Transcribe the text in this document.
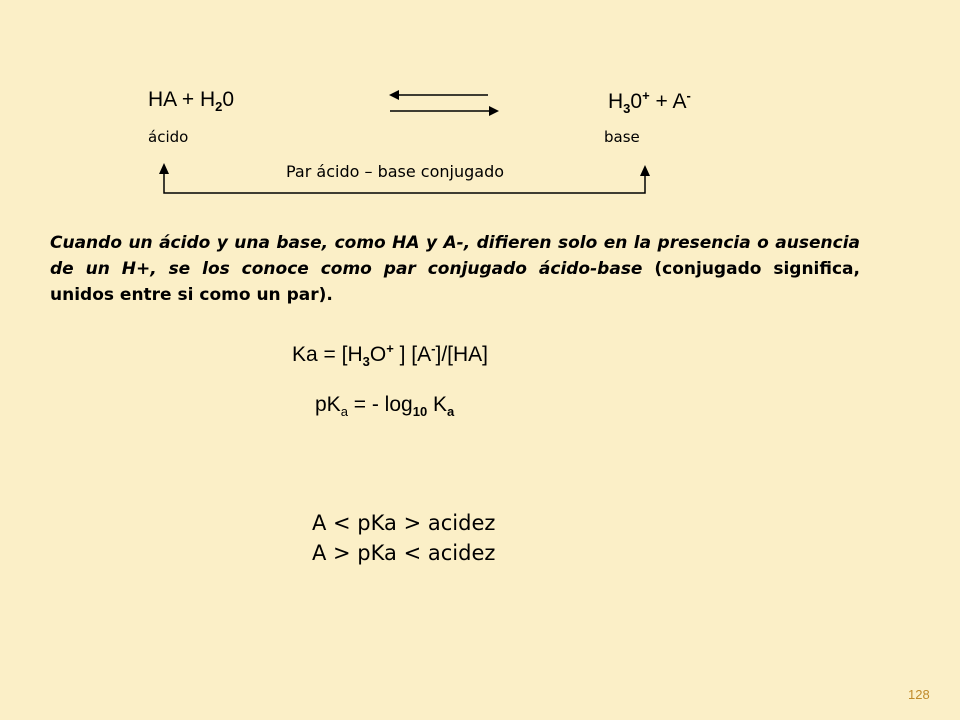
HA + $H_20$	$H_30^+ + A^-$
ácido	base
Par ácido – base conjugado
Cuando un ácido y una base, como HA y A-, difieren solo en la presencia o ausencia de un H+, se los conoce como par conjugado ácido-base (conjugado significa, unidos entre si como un par).
$Ka = [H_3O^+$ ] [A-]/[HA]
$pK_a$ = - $\log_{10} K_a$
A < pKa > acidez
A > pKa < acidez
128
